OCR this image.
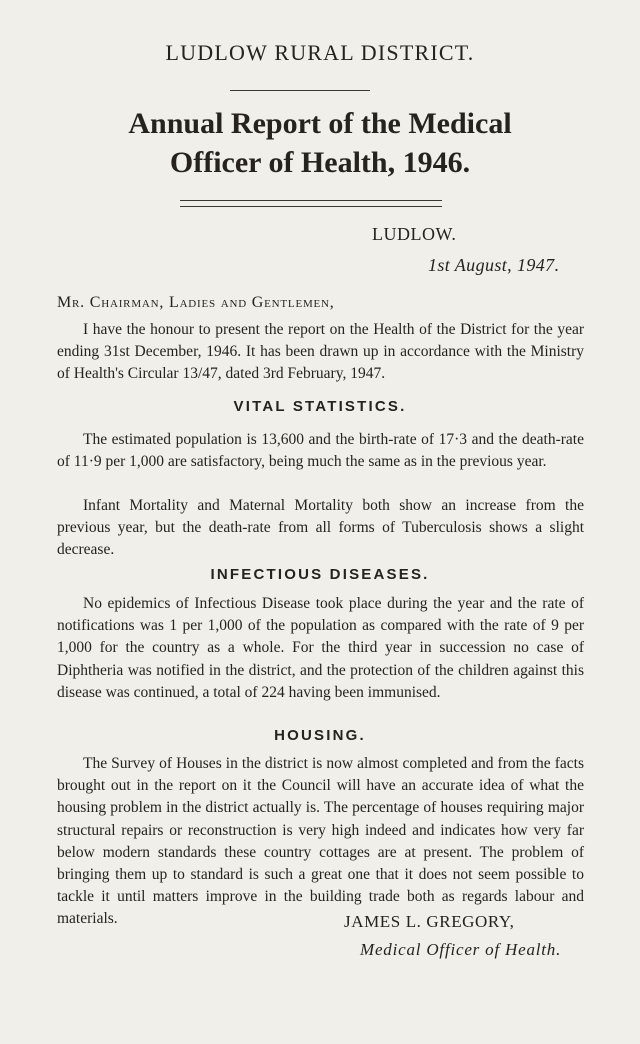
LUDLOW RURAL DISTRICT.
Annual Report of the Medical
Officer of Health, 1946.
LUDLOW.
1st August, 1947.
Mr. Chairman, Ladies and Gentlemen,
I have the honour to present the report on the Health of the District for the year ending 31st December, 1946. It has been drawn up in accordance with the Ministry of Health's Circular 13/47, dated 3rd February, 1947.
VITAL STATISTICS.
The estimated population is 13,600 and the birth-rate of 17·3 and the death-rate of 11·9 per 1,000 are satisfactory, being much the same as in the previous year.
Infant Mortality and Maternal Mortality both show an increase from the previous year, but the death-rate from all forms of Tuberculosis shows a slight decrease.
INFECTIOUS DISEASES.
No epidemics of Infectious Disease took place during the year and the rate of notifications was 1 per 1,000 of the population as compared with the rate of 9 per 1,000 for the country as a whole. For the third year in succession no case of Diphtheria was notified in the district, and the protection of the children against this disease was continued, a total of 224 having been immunised.
HOUSING.
The Survey of Houses in the district is now almost completed and from the facts brought out in the report on it the Council will have an accurate idea of what the housing problem in the district actually is. The percentage of houses requiring major structural repairs or reconstruction is very high indeed and indicates how very far below modern standards these country cottages are at present. The problem of bringing them up to standard is such a great one that it does not seem possible to tackle it until matters improve in the building trade both as regards labour and materials.	JAMES L. GREGORY,
Medical Officer of Health.
